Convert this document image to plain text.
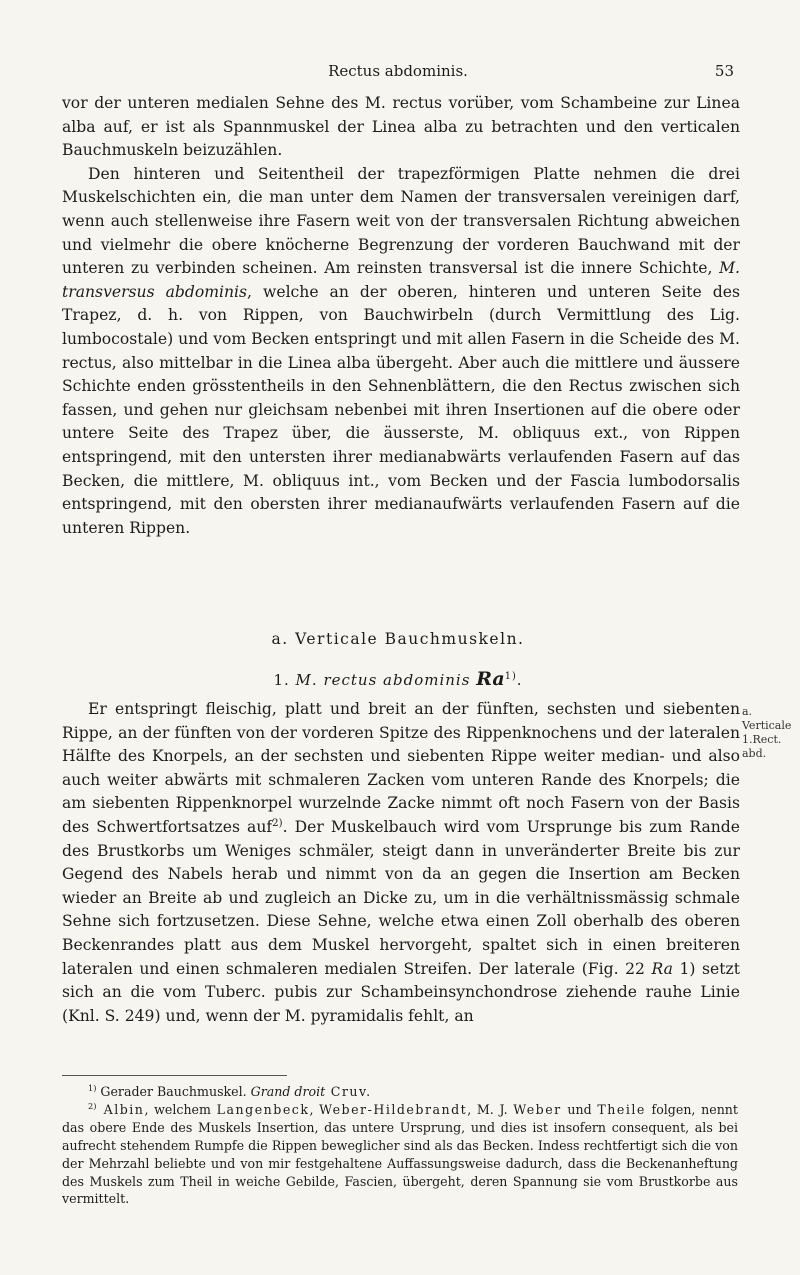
Rectus abdominis.	53

vor der unteren medialen Sehne des M. rectus vorüber, vom Schambeine zur Linea alba auf, er ist als Spannmuskel der Linea alba zu betrachten und den verticalen Bauchmuskeln beizuzählen.

Den hinteren und Seitentheil der trapezförmigen Platte nehmen die drei Muskelschichten ein, die man unter dem Namen der transversalen vereinigen darf, wenn auch stellenweise ihre Fasern weit von der transversalen Richtung abweichen und vielmehr die obere knöcherne Begrenzung der vorderen Bauchwand mit der unteren zu verbinden scheinen. Am reinsten transversal ist die innere Schichte, M. transversus abdominis, welche an der oberen, hinteren und unteren Seite des Trapez, d. h. von Rippen, von Bauchwirbeln (durch Vermittlung des Lig. lumbocostale) und vom Becken entspringt und mit allen Fasern in die Scheide des M. rectus, also mittelbar in die Linea alba übergeht. Aber auch die mittlere und äussere Schichte enden grösstentheils in den Sehnenblättern, die den Rectus zwischen sich fassen, und gehen nur gleichsam nebenbei mit ihren Insertionen auf die obere oder untere Seite des Trapez über, die äusserste, M. obliquus ext., von Rippen entspringend, mit den untersten ihrer medianabwärts verlaufenden Fasern auf das Becken, die mittlere, M. obliquus int., vom Becken und der Fascia lumbodorsalis entspringend, mit den obersten ihrer medianaufwärts verlaufenden Fasern auf die unteren Rippen.

a. Verticale Bauchmuskeln.
1. M. rectus abdominis Ra$^{1)}$.
a. Verticale
1.Rect. abd.

Er entspringt fleischig, platt und breit an der fünften, sechsten und siebenten Rippe, an der fünften von der vorderen Spitze des Rippenknochens und der lateralen Hälfte des Knorpels, an der sechsten und siebenten Rippe weiter median- und also auch weiter abwärts mit schmaleren Zacken vom unteren Rande des Knorpels; die am siebenten Rippenknorpel wurzelnde Zacke nimmt oft noch Fasern von der Basis des Schwertfortsatzes auf$^{2)}$. Der Muskelbauch wird vom Ursprunge bis zum Rande des Brustkorbs um Weniges schmäler, steigt dann in unveränderter Breite bis zur Gegend des Nabels herab und nimmt von da an gegen die Insertion am Becken wieder an Breite ab und zugleich an Dicke zu, um in die verhältnissmässig schmale Sehne sich fortzusetzen. Diese Sehne, welche etwa einen Zoll oberhalb des oberen Beckenrandes platt aus dem Muskel hervorgeht, spaltet sich in einen breiteren lateralen und einen schmaleren medialen Streifen. Der laterale (Fig. 22 Ra 1) setzt sich an die vom Tuberc. pubis zur Schambeinsynchondrose ziehende rauhe Linie (Knl. S. 249) und, wenn der M. pyramidalis fehlt, an

$^{1)}$ Gerader Bauchmuskel. Grand droit Cruv.

$^{2)}$ Albin, welchem Langenbeck, Weber-Hildebrandt, M. J. Weber und Theile folgen, nennt das obere Ende des Muskels Insertion, das untere Ursprung, und dies ist insofern consequent, als bei aufrecht stehendem Rumpfe die Rippen beweglicher sind als das Becken. Indess rechtfertigt sich die von der Mehrzahl beliebte und von mir festgehaltene Auffassungsweise dadurch, dass die Beckenanheftung des Muskels zum Theil in weiche Gebilde, Fascien, übergeht, deren Spannung sie vom Brustkorbe aus vermittelt.
